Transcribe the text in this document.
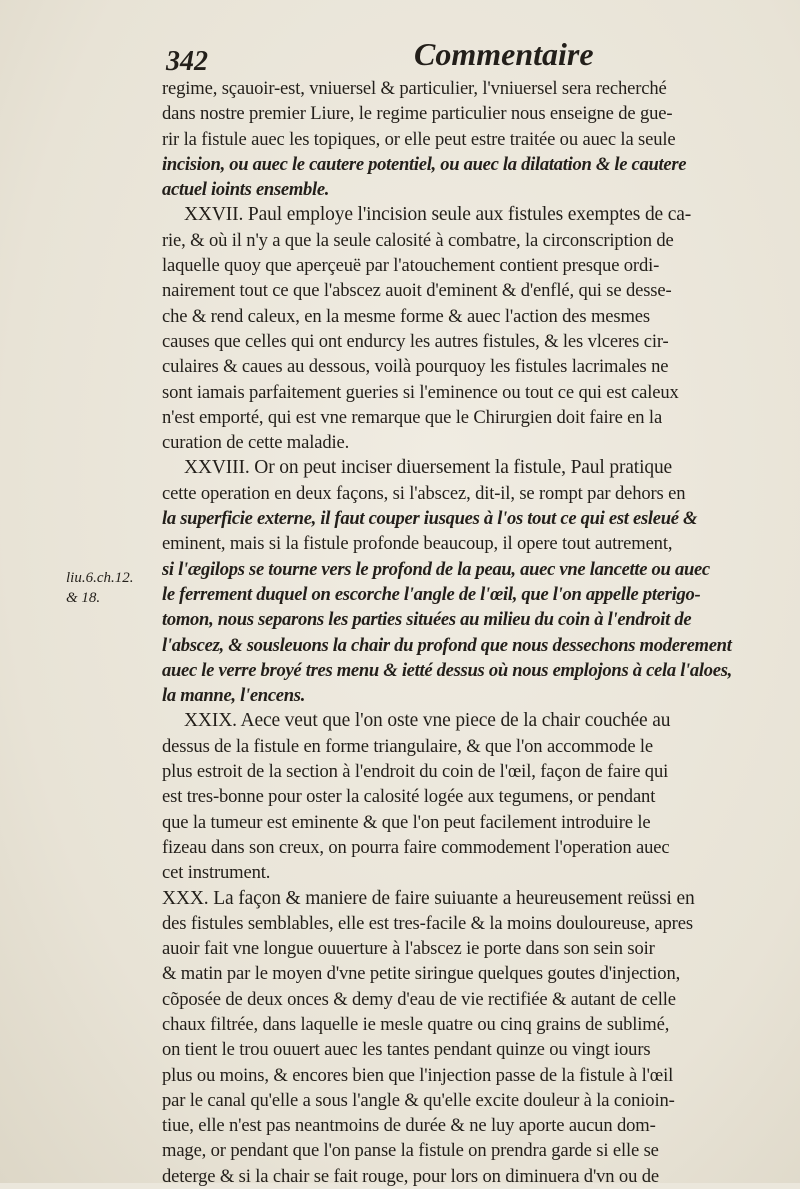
342	Commentaire
liu.6.ch.12.
& 18.
regime, sçauoir-est, vniuersel & particulier, l'vniuersel sera recherché
dans nostre premier Liure, le regime particulier nous enseigne de gue-
rir la fistule auec les topiques, or elle peut estre traitée ou auec la seule
incision, ou auec le cautere potentiel, ou auec la dilatation & le cautere
actuel ioints ensemble.
XXVII. Paul employe l'incision seule aux fistules exemptes de ca-
rie, & où il n'y a que la seule calosité à combatre, la circonscription de
laquelle quoy que aperçeuë par l'atouchement contient presque ordi-
nairement tout ce que l'abscez auoit d'eminent & d'enflé, qui se desse-
che & rend caleux, en la mesme forme & auec l'action des mesmes
causes que celles qui ont endurcy les autres fistules, & les vlceres cir-
culaires & caues au dessous, voilà pourquoy les fistules lacrimales ne
sont iamais parfaitement gueries si l'eminence ou tout ce qui est caleux
n'est emporté, qui est vne remarque que le Chirurgien doit faire en la
curation de cette maladie.
XXVIII. Or on peut inciser diuersement la fistule, Paul pratique
cette operation en deux façons, si l'abscez, dit-il, se rompt par dehors en
la superficie externe, il faut couper iusques à l'os tout ce qui est esleué &
eminent, mais si la fistule profonde beaucoup, il opere tout autrement,
si l'ægilops se tourne vers le profond de la peau, auec vne lancette ou auec
le ferrement duquel on escorche l'angle de l'œil, que l'on appelle pterigo-
tomon, nous separons les parties situées au milieu du coin à l'endroit de
l'abscez, & sousleuons la chair du profond que nous dessechons moderement
auec le verre broyé tres menu & ietté dessus où nous emplojons à cela l'aloes,
la manne, l'encens.
XXIX. Aece veut que l'on oste vne piece de la chair couchée au
dessus de la fistule en forme triangulaire, & que l'on accommode le
plus estroit de la section à l'endroit du coin de l'œil, façon de faire qui
est tres-bonne pour oster la calosité logée aux tegumens, or pendant
que la tumeur est eminente & que l'on peut facilement introduire le
fizeau dans son creux, on pourra faire commodement l'operation auec
cet instrument.
XXX. La façon & maniere de faire suiuante a heureusement reüssi en
des fistules semblables, elle est tres-facile & la moins douloureuse, apres
auoir fait vne longue ouuerture à l'abscez ie porte dans son sein soir
& matin par le moyen d'vne petite siringue quelques goutes d'injection,
cõposée de deux onces & demy d'eau de vie rectifiée & autant de celle
chaux filtrée, dans laquelle ie mesle quatre ou cinq grains de sublimé,
on tient le trou ouuert auec les tantes pendant quinze ou vingt iours
plus ou moins, & encores bien que l'injection passe de la fistule à l'œil
par le canal qu'elle a sous l'angle & qu'elle excite douleur à la conioin-
tiue, elle n'est pas neantmoins de durée & ne luy aporte aucun dom-
mage, or pendant que l'on panse la fistule on prendra garde si elle se
deterge & si la chair se fait rouge, pour lors on diminuera d'vn ou de
